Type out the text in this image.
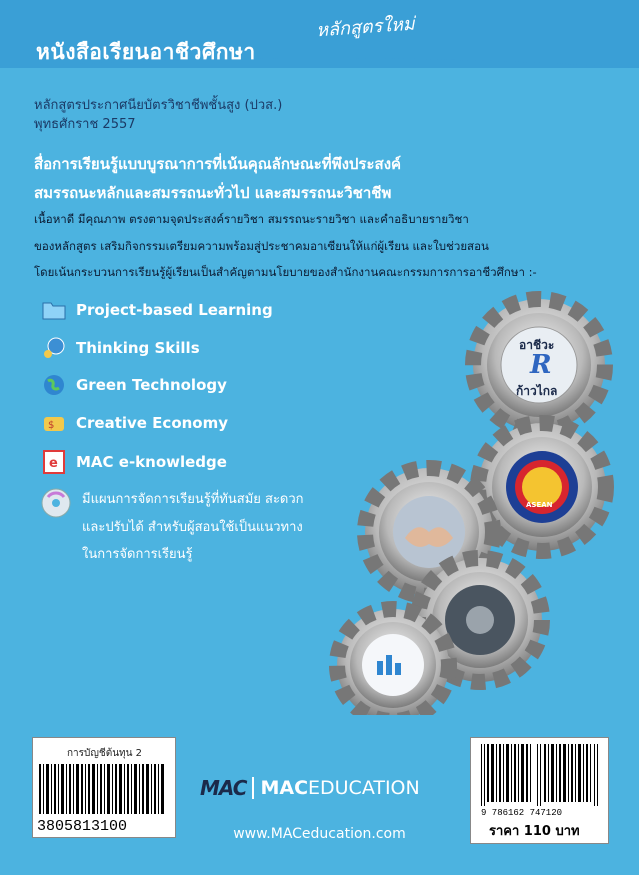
หนังสือเรียนอาชีวศึกษา
หลักสูตรใหม่
หลักสูตรประกาศนียบัตรวิชาชีพชั้นสูง (ปวส.)
พุทธศักราช 2557
สื่อการเรียนรู้แบบบูรณาการที่เน้นคุณลักษณะที่พึงประสงค์
สมรรถนะหลักและสมรรถนะทั่วไป และสมรรถนะวิชาชีพ
เนื้อหาดี มีคุณภาพ ตรงตามจุดประสงค์รายวิชา สมรรถนะรายวิชา และคำอธิบายรายวิชา
ของหลักสูตร เสริมกิจกรรมเตรียมความพร้อมสู่ประชาคมอาเซียนให้แก่ผู้เรียน และใบช่วยสอน
โดยเน้นกระบวนการเรียนรู้ผู้เรียนเป็นสำคัญตามนโยบายของสำนักงานคณะกรรมการการอาชีวศึกษา :-
Project-based Learning
Thinking Skills
Green Technology
$ Creative Economy
e MAC e-knowledge
มีแผนการจัดการเรียนรู้ที่ทันสมัย สะดวก
และปรับได้ สำหรับผู้สอนใช้เป็นแนวทาง
ในการจัดการเรียนรู้
อาชีวะ
R
ก้าวไกล
ASEAN
การบัญชีต้นทุน 2
3805813100
9 786162 747120
ราคา 110 บาท
MAC MACEDUCATION
www.MACeducation.com
